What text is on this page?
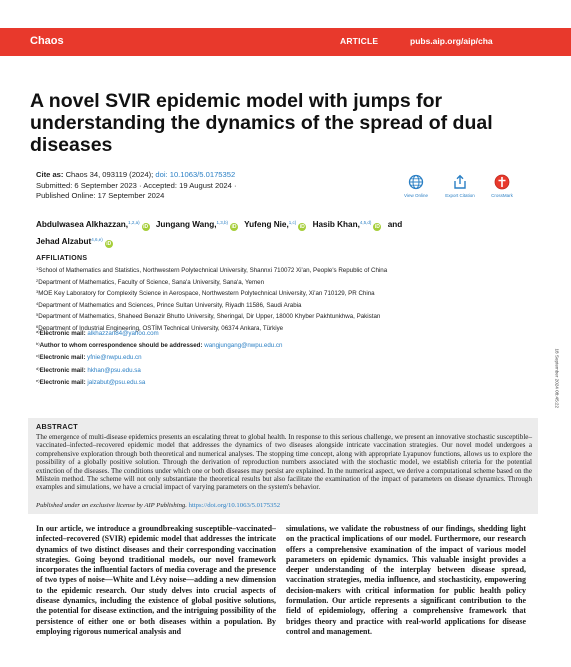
Chaos	ARTICLE	pubs.aip.org/aip/cha
A novel SVIR epidemic model with jumps for understanding the dynamics of the spread of dual diseases
Cite as: Chaos 34, 093119 (2024); doi: 10.1063/5.0175352
Submitted: 6 September 2023 · Accepted: 19 August 2024 ·
Published Online: 17 September 2024	View Online	Export Citation	CrossMark
Abdulwasea Alkhazzan,$^{1,2,a)}$iD Jungang Wang,$^{1,3,b)}$iD Yufeng Nie,$^{1,c)}$iD Hasib Khan,$^{4,5,d)}$iD and
Jehad Alzabut$^{4,6,e)}$iD
AFFILIATIONS
$^1$School of Mathematics and Statistics, Northwestern Polytechnical University, Shannxi 710072 Xi'an, People's Republic of China
$^2$Department of Mathematics, Faculty of Science, Sana'a University, Sana'a, Yemen
$^3$MOE Key Laboratory for Complexity Science in Aerospace, Northwestern Polytechnical University, Xi'an 710129, PR China
$^4$Department of Mathematics and Sciences, Prince Sultan University, Riyadh 11586, Saudi Arabia
$^5$Department of Mathematics, Shaheed Benazir Bhutto University, Sheringal, Dir Upper, 18000 Khyber Pakhtunkhwa, Pakistan
$^6$Department of Industrial Engineering, OSTİM Technical University, 06374 Ankara, Türkiye
$^{a)}$Electronic mail: alkhazzan84@yahoo.com
$^{b)}$Author to whom correspondence should be addressed: wangjungang@nwpu.edu.cn
$^{c)}$Electronic mail: yfnie@nwpu.edu.cn
$^{d)}$Electronic mail: hkhan@psu.edu.sa
$^{e)}$Electronic mail: jalzabut@psu.edu.sa	18 September 2024 08:45:22
ABSTRACT

The emergence of multi-disease epidemics presents an escalating threat to global health. In response to this serious challenge, we present an innovative stochastic susceptible–vaccinated–infected–recovered epidemic model that addresses the dynamics of two diseases alongside intricate vaccination strategies. Our novel model undergoes a comprehensive exploration through both theoretical and numerical analyses. The stopping time concept, along with appropriate Lyapunov functions, allows us to explore the possibility of a globally positive solution. Through the derivation of reproduction numbers associated with the stochastic model, we establish criteria for the potential extinction of the diseases. The conditions under which one or both diseases may persist are explained. In the numerical aspect, we derive a computational scheme based on the Milstein method. The scheme will not only substantiate the theoretical results but also facilitate the examination of the impact of parameters on disease dynamics. Through examples and simulations, we have a crucial impact of varying parameters on the system's behavior.

Published under an exclusive license by AIP Publishing. https://doi.org/10.1063/5.0175352

In our article, we introduce a groundbreaking susceptible–vaccinated–infected–recovered (SVIR) epidemic model that addresses the intricate dynamics of two distinct diseases and their corresponding vaccination strategies. Going beyond traditional models, our novel framework incorporates the influential factors of media coverage and the presence of two types of noise—White and Lévy noise—adding a new dimension to the epidemic research. Our study delves into crucial aspects of disease dynamics, including the existence of global positive solutions, the potential for disease extinction, and the intriguing possibility of the persistence of either one or both diseases within a population. By employing rigorous numerical analysis and

simulations, we validate the robustness of our findings, shedding light on the practical implications of our model. Furthermore, our research offers a comprehensive examination of the impact of various model parameters on epidemic dynamics. This valuable insight provides a deeper understanding of the interplay between disease spread, vaccination strategies, media influence, and stochasticity, empowering decision-makers with critical information for public health policy formulation. Our article represents a significant contribution to the field of epidemiology, offering a comprehensive framework that bridges theory and practice with real-world applications for disease control and management.
